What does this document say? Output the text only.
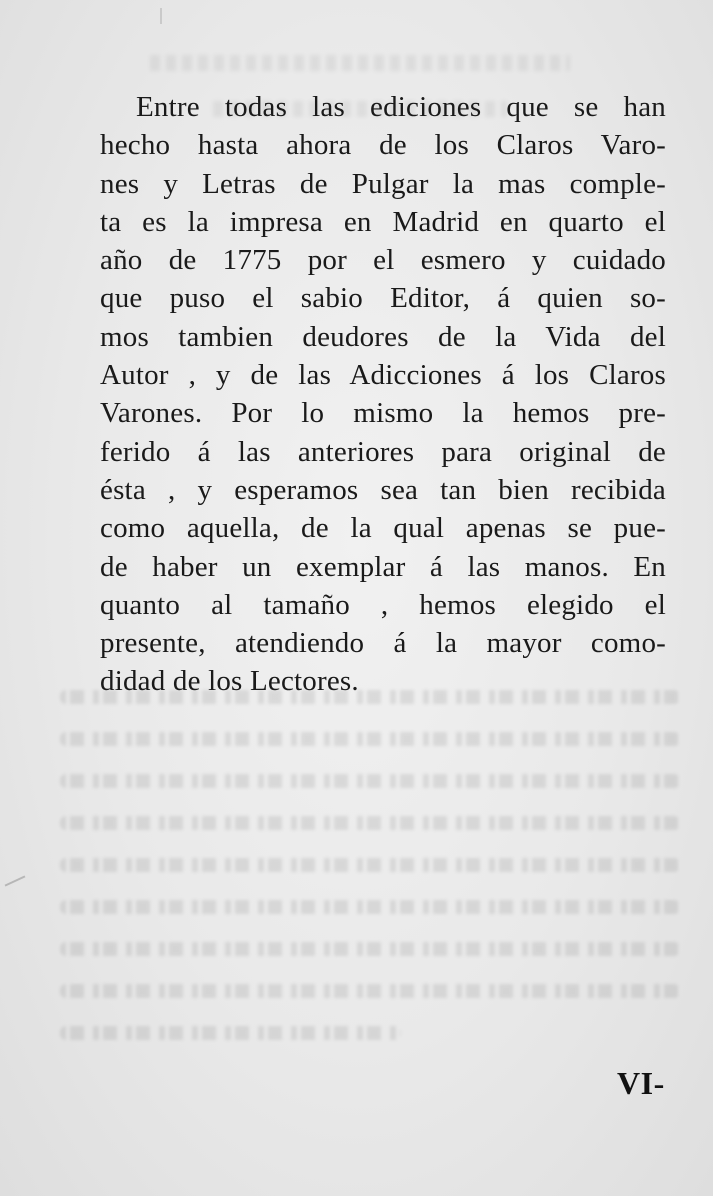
Entre todas las ediciones que se han
hecho hasta ahora de los Claros Varo-
nes y Letras de Pulgar la mas comple-
ta es la impresa en Madrid en quarto el
año de 1775 por el esmero y cuidado
que puso el sabio Editor, á quien so-
mos tambien deudores de la Vida del
Autor , y de las Adicciones á los Claros
Varones. Por lo mismo la hemos pre-
ferido á las anteriores para original de
ésta , y esperamos sea tan bien recibida
como aquella, de la qual apenas se pue-
de haber un exemplar á las manos. En
quanto al tamaño , hemos elegido el
presente, atendiendo á la mayor como-
didad de los Lectores.
VI-
